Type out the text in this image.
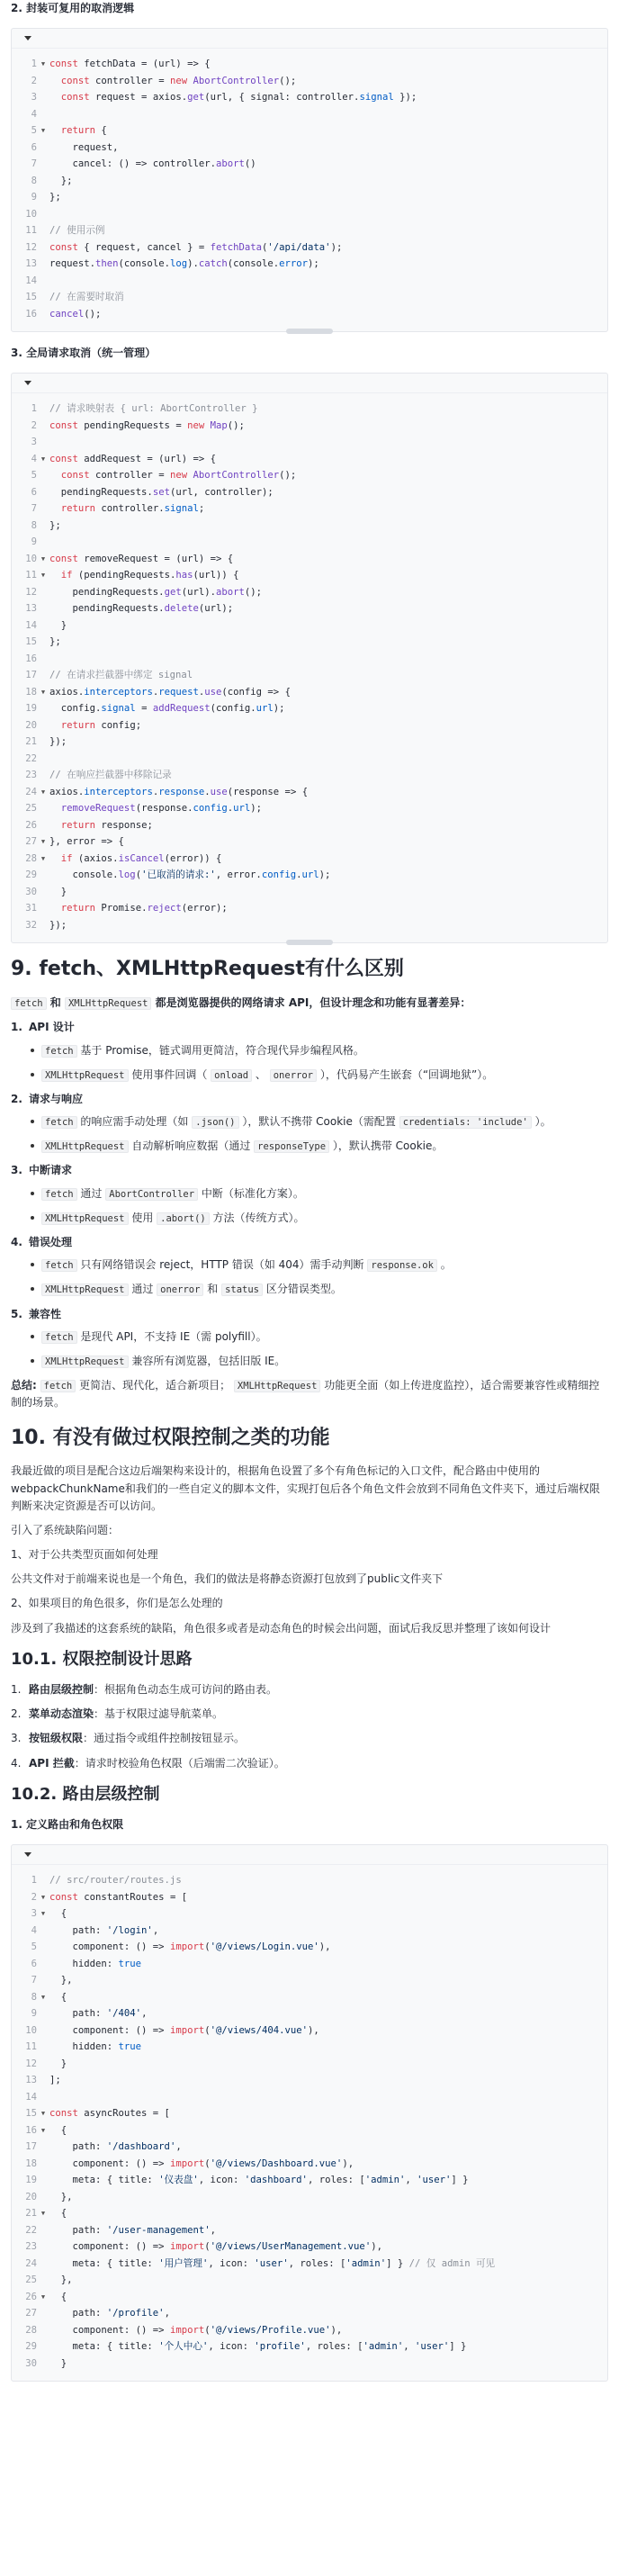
2. 封装可复用的取消逻辑
1 ▼ const fetchData = (url) => {
2	const controller = new AbortController();
3	const request = axios.get(url, { signal: controller.signal });
4
5 ▼	return {
6 request,
7 cancel: () => controller.abort()
8 };
9 };
10
11 // 使用示例
12 const { request, cancel } = fetchData('/api/data');
13 request.then(console.log).catch(console.error);
14
15 // 在需要时取消
16 cancel();
3. 全局请求取消（统一管理）
1 // 请求映射表 { url: AbortController }
2 const pendingRequests = new Map();
3
4 ▼ const addRequest = (url) => {
5	const controller = new AbortController();
6 pendingRequests.set(url, controller);
7	return controller.signal;
8 };
9
10 ▼ const removeRequest = (url) => {
11 ▼	if (pendingRequests.has(url)) {
12 pendingRequests.get(url).abort();
13 pendingRequests.delete(url);
14 }
15 };
16
17 // 在请求拦截器中绑定 signal
18 ▼ axios.interceptors.request.use(config => {
19 config.signal = addRequest(config.url);
20	return config;
21 });
22
23 // 在响应拦截器中移除记录
24 ▼ axios.interceptors.response.use(response => {
25	removeRequest(response.config.url);
26	return response;
27 ▼ }, error => {
28 ▼	if (axios.isCancel(error)) {
29 console.log('已取消的请求:', error.config.url);
30 }
31	return Promise.reject(error);
32 });
9. fetch、XMLHttpRequest有什么区别

fetch 和 XMLHttpRequest 都是浏览器提供的网络请求 API，但设计理念和功能有显著差异：

1. API 设计
fetch 基于 Promise，链式调用更简洁，符合现代异步编程风格。
XMLHttpRequest 使用事件回调（ onload 、 onerror ），代码易产生嵌套（“回调地狱”）。
2. 请求与响应
fetch 的响应需手动处理（如 .json() ），默认不携带 Cookie（需配置 credentials: 'include' ）。
XMLHttpRequest 自动解析响应数据（通过 responseType ），默认携带 Cookie。
3. 中断请求
fetch 通过 AbortController 中断（标准化方案）。
XMLHttpRequest 使用 .abort() 方法（传统方式）。
4. 错误处理
fetch 只有网络错误会 reject，HTTP 错误（如 404）需手动判断 response.ok 。
XMLHttpRequest 通过 onerror 和 status 区分错误类型。
5. 兼容性
fetch 是现代 API，不支持 IE（需 polyfill）。
XMLHttpRequest 兼容所有浏览器，包括旧版 IE。

总结: fetch 更简洁、现代化，适合新项目； XMLHttpRequest 功能更全面（如上传进度监控），适合需要兼容性或精细控制的场景。

10. 有没有做过权限控制之类的功能

我最近做的项目是配合这边后端架构来设计的，根据角色设置了多个有角色标记的入口文件，配合路由中使用的webpackChunkName和我们的一些自定义的脚本文件，实现打包后各个角色文件会放到不同角色文件夹下，通过后端权限判断来决定资源是否可以访问。

引入了系统缺陷问题：

1、对于公共类型页面如何处理

公共文件对于前端来说也是一个角色，我们的做法是将静态资源打包放到了public文件夹下

2、如果项目的角色很多，你们是怎么处理的

涉及到了我描述的这套系统的缺陷，角色很多或者是动态角色的时候会出问题，面试后我反思并整理了该如何设计

10.1. 权限控制设计思路
1. 路由层级控制：根据角色动态生成可访问的路由表。
2. 菜单动态渲染：基于权限过滤导航菜单。
3. 按钮级权限：通过指令或组件控制按钮显示。
4. API 拦截：请求时校验角色权限（后端需二次验证）。
10.2. 路由层级控制
1. 定义路由和角色权限
1 // src/router/routes.js
2 ▼ const constantRoutes = [
3 ▼ {
4 path: '/login',
5 component: () => import('@/views/Login.vue'),
6 hidden: true
7 },
8 ▼ {
9 path: '/404',
10 component: () => import('@/views/404.vue'),
11 hidden: true
12 }
13 ];
14
15 ▼ const asyncRoutes = [
16 ▼ {
17 path: '/dashboard',
18 component: () => import('@/views/Dashboard.vue'),
19 meta: { title: '仪表盘', icon: 'dashboard', roles: ['admin', 'user'] }
20 },
21 ▼ {
22 path: '/user-management',
23 component: () => import('@/views/UserManagement.vue'),
24 meta: { title: '用户管理', icon: 'user', roles: ['admin'] } // 仅 admin 可见
25 },
26 ▼ {
27 path: '/profile',
28 component: () => import('@/views/Profile.vue'),
29 meta: { title: '个人中心', icon: 'profile', roles: ['admin', 'user'] }
30 }
